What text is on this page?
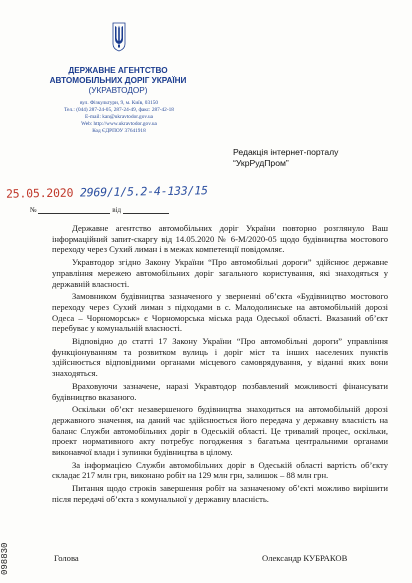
ДЕРЖАВНЕ АГЕНТСТВО
АВТОМОБІЛЬНИХ ДОРІГ УКРАЇНИ
(УКРАВТОДОР)
вул. Фізкультури, 9, м. Київ, 03150
Тел.: (044) 287-24-05, 287-24-49, факс: 287-42-18
E-mail: kan@ukravtodor.gov.ua
Web: http://www.ukravtodor.gov.ua
Код ЄДРПОУ 37641918
Редакція інтернет-порталу
“УкрРудПром”
25.05.2020 2969/1/5.2-4-133/15
№	від

Державне агентство автомобільних доріг України повторно розглянуло Ваш інформаційний запит-скаргу від 14.05.2020 № 6-М/2020-05 щодо будівництва мостового переходу через Сухий лиман і в межах компетенції повідомляє.

Укравтодор згідно Закону України “Про автомобільні дороги” здійснює державне управління мережею автомобільних доріг загального користування, які знаходяться у державній власності.

Замовником будівництва зазначеного у зверненні об’єкта «Будівництво мостового переходу через Сухий лиман з підходами в с. Малодолинське на автомобільній дорозі Одеса – Чорноморськ» є Чорноморська міська рада Одеської області. Вказаний об’єкт перебуває у комунальній власності.

Відповідно до статті 17 Закону України “Про автомобільні дороги” управління функціонуванням та розвитком вулиць і доріг міст та інших населених пунктів здійснюється відповідними органами місцевого самоврядування, у віданні яких вони знаходяться.

Враховуючи зазначене, наразі Укравтодор позбавлений можливості фінансувати будівництво вказаного.

Оскільки об’єкт незавершеного будівництва знаходиться на автомобільній дорозі державного значення, на даний час здійснюється його передача у державну власність на баланс Служби автомобільних доріг в Одеській області. Це тривалий процес, оскільки, проект нормативного акту потребує погодження з багатьма центральними органами виконавчої влади і зупинки будівництва в цілому.

За інформацією Служби автомобільних доріг в Одеській області вартість об’єкту складає 217 млн грн, виконано робіт на 129 млн грн, залишок – 88 млн грн.

Питання щодо строків завершення робіт на зазначеному об’єкті можливо вирішити після передачі об’єкта з комунальної у державну власність.

Голова	Олександр КУБРАКОВ
098830
